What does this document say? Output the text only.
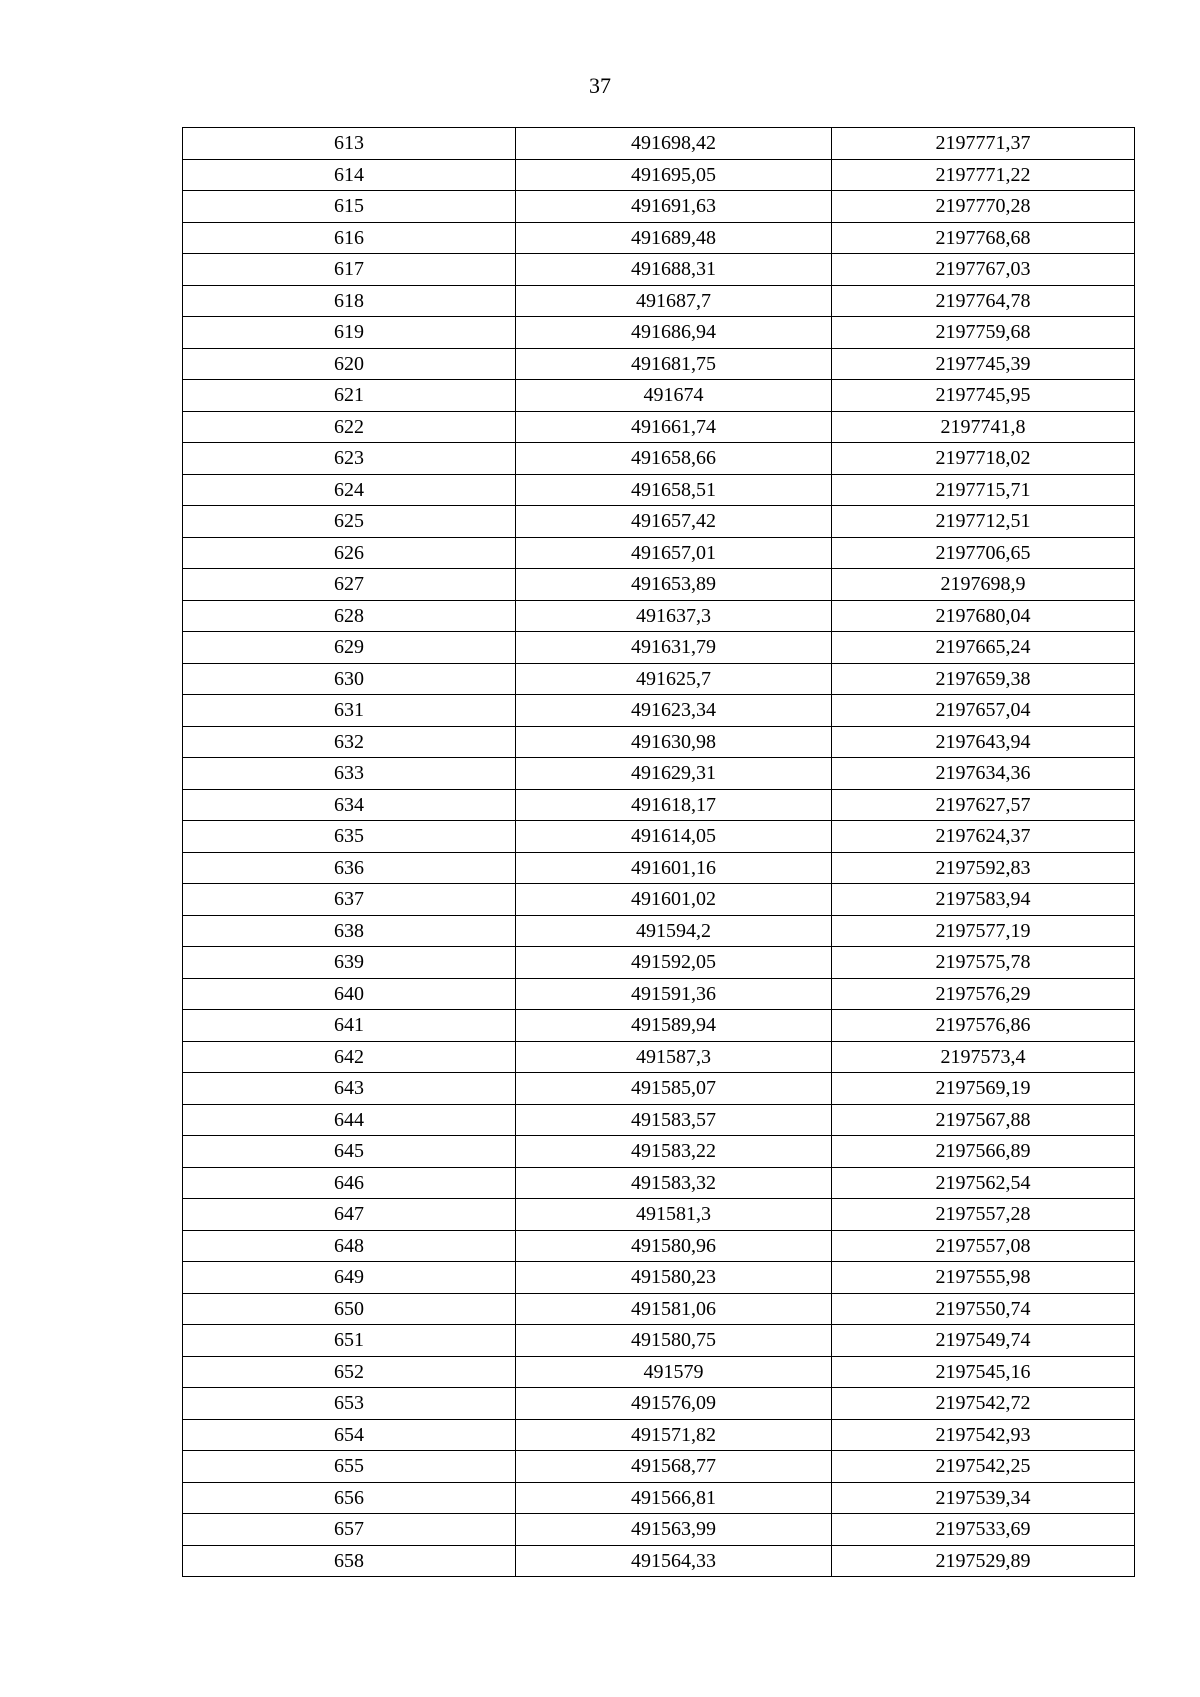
37
613	491698,42	2197771,37
614	491695,05	2197771,22
615	491691,63	2197770,28
616	491689,48	2197768,68
617	491688,31	2197767,03
618	491687,7	2197764,78
619	491686,94	2197759,68
620	491681,75	2197745,39
621	491674	2197745,95
622	491661,74	2197741,8
623	491658,66	2197718,02
624	491658,51	2197715,71
625	491657,42	2197712,51
626	491657,01	2197706,65
627	491653,89	2197698,9
628	491637,3	2197680,04
629	491631,79	2197665,24
630	491625,7	2197659,38
631	491623,34	2197657,04
632	491630,98	2197643,94
633	491629,31	2197634,36
634	491618,17	2197627,57
635	491614,05	2197624,37
636	491601,16	2197592,83
637	491601,02	2197583,94
638	491594,2	2197577,19
639	491592,05	2197575,78
640	491591,36	2197576,29
641	491589,94	2197576,86
642	491587,3	2197573,4
643	491585,07	2197569,19
644	491583,57	2197567,88
645	491583,22	2197566,89
646	491583,32	2197562,54
647	491581,3	2197557,28
648	491580,96	2197557,08
649	491580,23	2197555,98
650	491581,06	2197550,74
651	491580,75	2197549,74
652	491579	2197545,16
653	491576,09	2197542,72
654	491571,82	2197542,93
655	491568,77	2197542,25
656	491566,81	2197539,34
657	491563,99	2197533,69
658	491564,33	2197529,89
